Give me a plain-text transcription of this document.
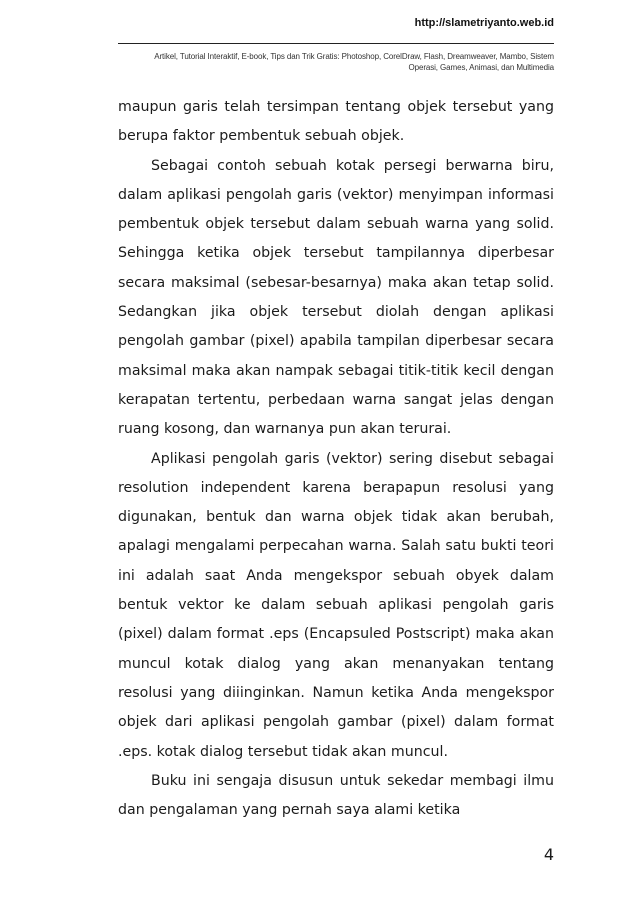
http://slametriyanto.web.id
Artikel, Tutorial Interaktif, E-book, Tips dan Trik Gratis: Photoshop, CorelDraw, Flash, Dreamweaver, Mambo, Sistem Operasi, Games, Animasi, dan Multimedia

maupun garis telah tersimpan tentang objek tersebut yang berupa faktor pembentuk sebuah objek.

Sebagai contoh sebuah kotak persegi berwarna biru, dalam aplikasi pengolah garis (vektor) menyimpan informasi pembentuk objek tersebut dalam sebuah warna yang solid. Sehingga ketika objek tersebut tampilannya diperbesar secara maksimal (sebesar-besarnya) maka akan tetap solid. Sedangkan jika objek tersebut diolah dengan aplikasi pengolah gambar (pixel) apabila tampilan diperbesar secara maksimal maka akan nampak sebagai titik-titik kecil dengan kerapatan tertentu, perbedaan warna sangat jelas dengan ruang kosong, dan warnanya pun akan terurai.

Aplikasi pengolah garis (vektor) sering disebut sebagai resolution independent karena berapapun resolusi yang digunakan, bentuk dan warna objek tidak akan berubah, apalagi mengalami perpecahan warna. Salah satu bukti teori ini adalah saat Anda mengekspor sebuah obyek dalam bentuk vektor ke dalam sebuah aplikasi pengolah garis (pixel) dalam format .eps (Encapsuled Postscript) maka akan muncul kotak dialog yang akan menanyakan tentang resolusi yang diiinginkan. Namun ketika Anda mengekspor objek dari aplikasi pengolah gambar (pixel) dalam format .eps. kotak dialog tersebut tidak akan muncul.

Buku ini sengaja disusun untuk sekedar membagi ilmu dan pengalaman yang pernah saya alami ketika

4
